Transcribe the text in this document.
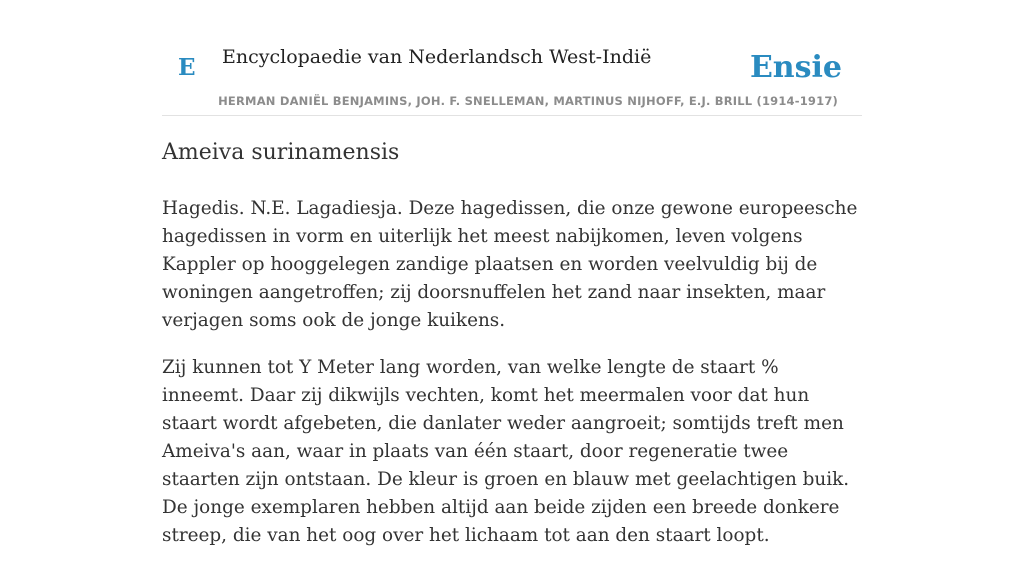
E Encyclopaedie van Nederlandsch West-Indië	Ensie
HERMAN DANIËL BENJAMINS, JOH. F. SNELLEMAN, MARTINUS NIJHOFF, E.J. BRILL (1914-1917)
Ameiva surinamensis

Hagedis. N.E. Lagadiesja. Deze hagedissen, die onze gewone europeesche hagedissen in vorm en uiterlijk het meest nabijkomen, leven volgens Kappler op hooggelegen zandige plaatsen en worden veelvuldig bij de woningen aangetroffen; zij doorsnuffelen het zand naar insekten, maar verjagen soms ook de jonge kuikens.

Zij kunnen tot Y Meter lang worden, van welke lengte de staart % inneemt. Daar zij dikwijls vechten, komt het meermalen voor dat hun staart wordt afgebeten, die danlater weder aangroeit; somtijds treft men Ameiva's aan, waar in plaats van één staart, door regeneratie twee staarten zijn ontstaan. De kleur is groen en blauw met geelachtigen buik. De jonge exemplaren hebben altijd aan beide zijden een breede donkere streep, die van het oog over het lichaam tot aan den staart loopt.
